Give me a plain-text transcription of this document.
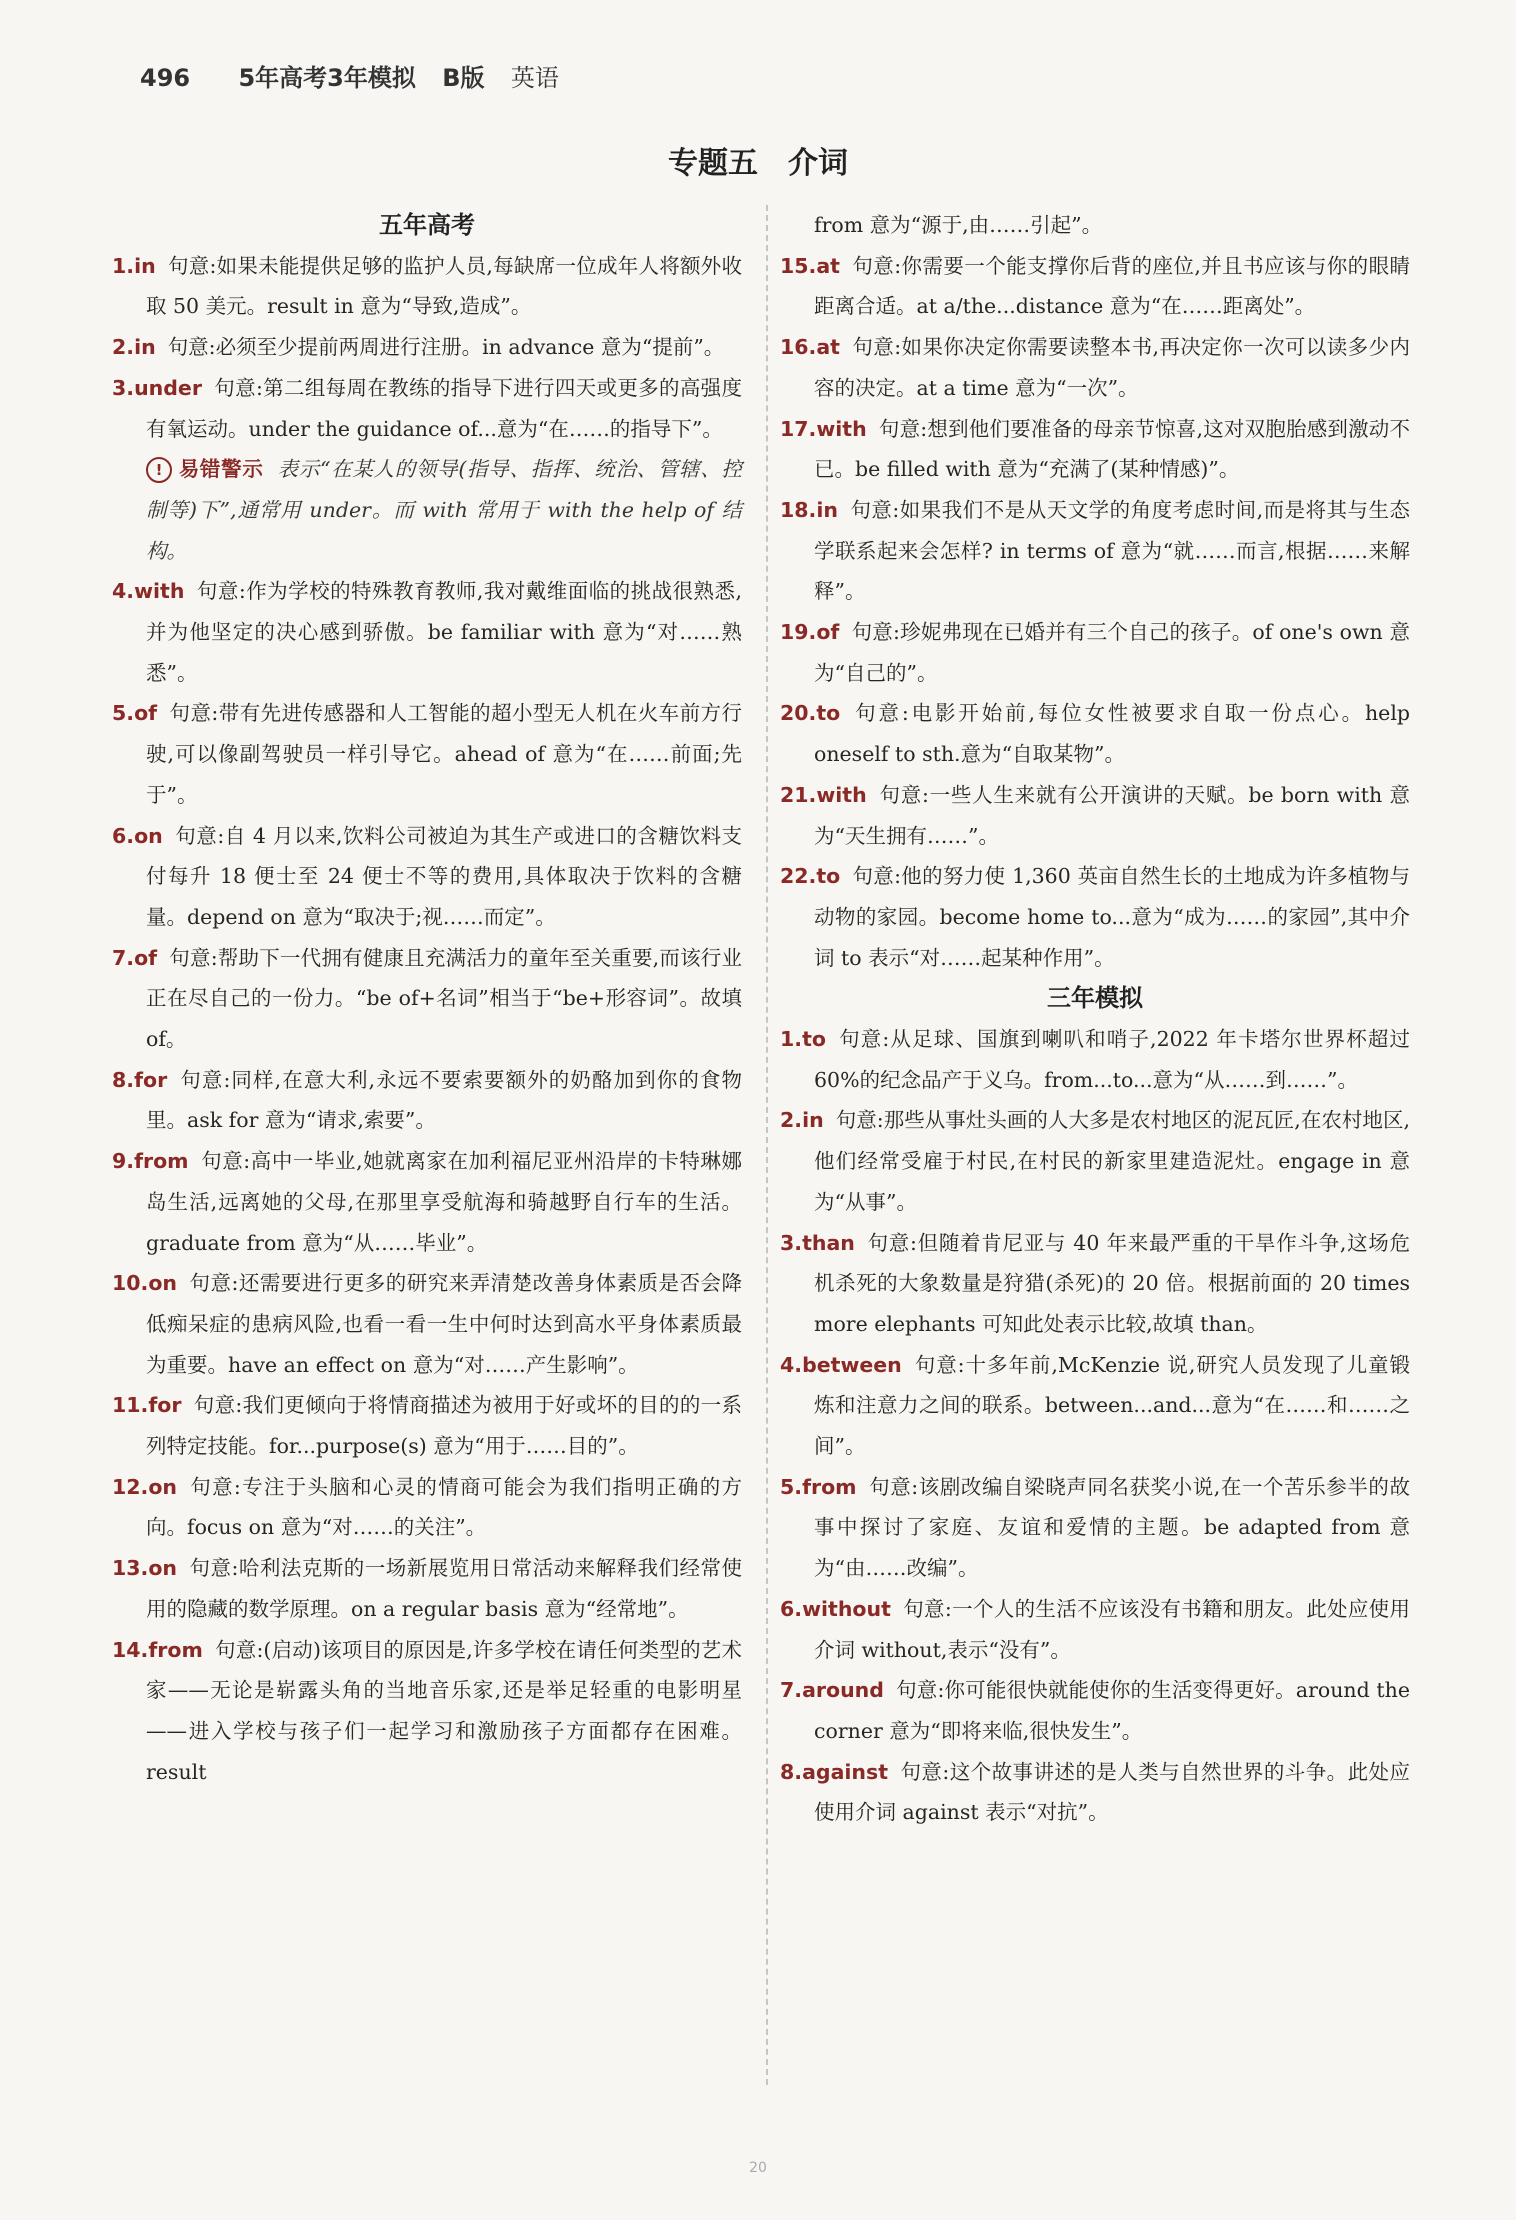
496 5年高考3年模拟 B版 英语
专题五　介词

五年高考

1.in 句意:如果未能提供足够的监护人员,每缺席一位成年人将额外收取 50 美元。result in 意为“导致,造成”。

2.in 句意:必须至少提前两周进行注册。in advance 意为“提前”。

3.under 句意:第二组每周在教练的指导下进行四天或更多的高强度有氧运动。under the guidance of...意为“在……的指导下”。

! 易错警示 表示“在某人的领导(指导、指挥、统治、管辖、控制等)下”,通常用 under。而 with 常用于 with the help of 结构。

4.with 句意:作为学校的特殊教育教师,我对戴维面临的挑战很熟悉,并为他坚定的决心感到骄傲。be familiar with 意为“对……熟悉”。

5.of 句意:带有先进传感器和人工智能的超小型无人机在火车前方行驶,可以像副驾驶员一样引导它。ahead of 意为“在……前面;先于”。

6.on 句意:自 4 月以来,饮料公司被迫为其生产或进口的含糖饮料支付每升 18 便士至 24 便士不等的费用,具体取决于饮料的含糖量。depend on 意为“取决于;视……而定”。

7.of 句意:帮助下一代拥有健康且充满活力的童年至关重要,而该行业正在尽自己的一份力。“be of+名词”相当于“be+形容词”。故填 of。

8.for 句意:同样,在意大利,永远不要索要额外的奶酪加到你的食物里。ask for 意为“请求,索要”。

9.from 句意:高中一毕业,她就离家在加利福尼亚州沿岸的卡特琳娜岛生活,远离她的父母,在那里享受航海和骑越野自行车的生活。graduate from 意为“从……毕业”。

10.on 句意:还需要进行更多的研究来弄清楚改善身体素质是否会降低痴呆症的患病风险,也看一看一生中何时达到高水平身体素质最为重要。have an effect on 意为“对……产生影响”。

11.for 句意:我们更倾向于将情商描述为被用于好或坏的目的的一系列特定技能。for...purpose(s) 意为“用于……目的”。

12.on 句意:专注于头脑和心灵的情商可能会为我们指明正确的方向。focus on 意为“对……的关注”。

13.on 句意:哈利法克斯的一场新展览用日常活动来解释我们经常使用的隐藏的数学原理。on a regular basis 意为“经常地”。

14.from 句意:(启动)该项目的原因是,许多学校在请任何类型的艺术家——无论是崭露头角的当地音乐家,还是举足轻重的电影明星——进入学校与孩子们一起学习和激励孩子方面都存在困难。result

from 意为“源于,由……引起”。

15.at 句意:你需要一个能支撑你后背的座位,并且书应该与你的眼睛距离合适。at a/the...distance 意为“在……距离处”。

16.at 句意:如果你决定你需要读整本书,再决定你一次可以读多少内容的决定。at a time 意为“一次”。

17.with 句意:想到他们要准备的母亲节惊喜,这对双胞胎感到激动不已。be filled with 意为“充满了(某种情感)”。

18.in 句意:如果我们不是从天文学的角度考虑时间,而是将其与生态学联系起来会怎样? in terms of 意为“就……而言,根据……来解释”。

19.of 句意:珍妮弗现在已婚并有三个自己的孩子。of one's own 意为“自己的”。

20.to 句意:电影开始前,每位女性被要求自取一份点心。help oneself to sth.意为“自取某物”。

21.with 句意:一些人生来就有公开演讲的天赋。be born with 意为“天生拥有……”。

22.to 句意:他的努力使 1,360 英亩自然生长的土地成为许多植物与动物的家园。become home to...意为“成为……的家园”,其中介词 to 表示“对……起某种作用”。

三年模拟

1.to 句意:从足球、国旗到喇叭和哨子,2022 年卡塔尔世界杯超过 60%的纪念品产于义乌。from...to...意为“从……到……”。

2.in 句意:那些从事灶头画的人大多是农村地区的泥瓦匠,在农村地区,他们经常受雇于村民,在村民的新家里建造泥灶。engage in 意为“从事”。

3.than 句意:但随着肯尼亚与 40 年来最严重的干旱作斗争,这场危机杀死的大象数量是狩猎(杀死)的 20 倍。根据前面的 20 times more elephants 可知此处表示比较,故填 than。

4.between 句意:十多年前,McKenzie 说,研究人员发现了儿童锻炼和注意力之间的联系。between...and...意为“在……和……之间”。

5.from 句意:该剧改编自梁晓声同名获奖小说,在一个苦乐参半的故事中探讨了家庭、友谊和爱情的主题。be adapted from 意为“由……改编”。

6.without 句意:一个人的生活不应该没有书籍和朋友。此处应使用介词 without,表示“没有”。

7.around 句意:你可能很快就能使你的生活变得更好。around the corner 意为“即将来临,很快发生”。

8.against 句意:这个故事讲述的是人类与自然世界的斗争。此处应使用介词 against 表示“对抗”。

20
